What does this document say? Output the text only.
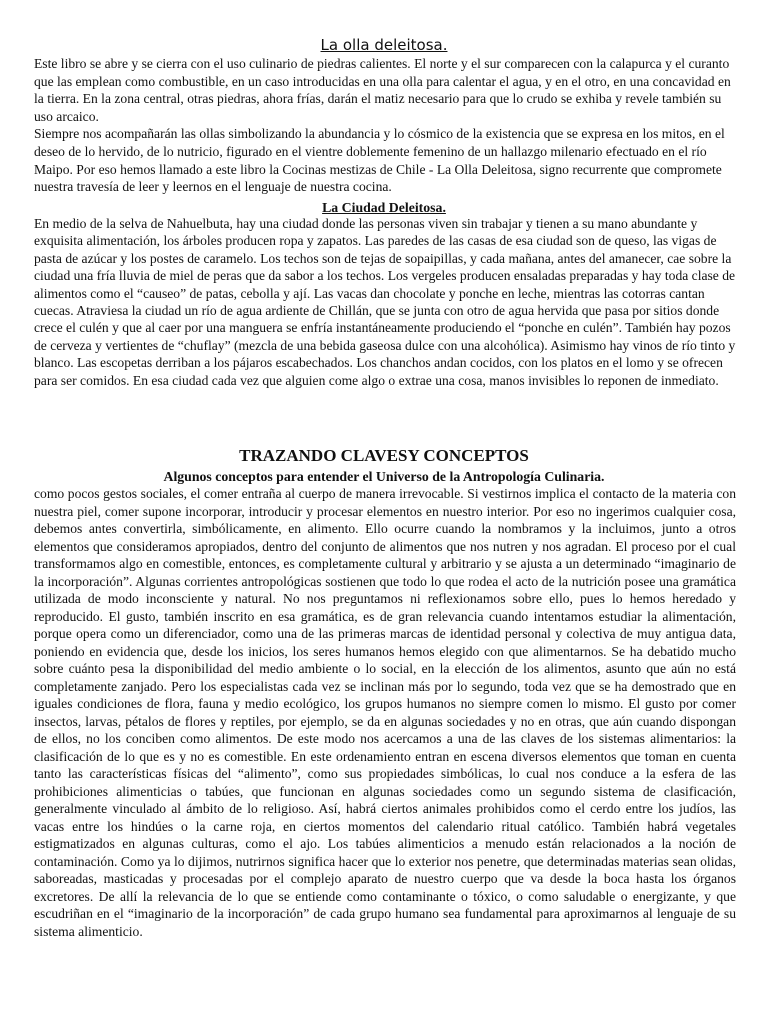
La olla deleitosa.
Este libro se abre y se cierra con el uso culinario de piedras calientes. El norte y el sur comparecen con la calapurca y el curanto que las emplean como combustible, en un caso introducidas en una olla para calentar el agua, y en el otro, en una concavidad en la tierra. En la zona central, otras piedras, ahora frías, darán el matiz necesario para que lo crudo se exhiba y revele también su uso arcaico.
Siempre nos acompañarán las ollas simbolizando la abundancia y lo cósmico de la existencia que se expresa en los mitos, en el deseo de lo hervido, de lo nutricio, figurado en el vientre doblemente femenino de un hallazgo milenario efectuado en el río Maipo. Por eso hemos llamado a este libro la Cocinas mestizas de Chile - La Olla Deleitosa, signo recurrente que compromete nuestra travesía de leer y leernos en el lenguaje de nuestra cocina.
La Ciudad Deleitosa.

En medio de la selva de Nahuelbuta, hay una ciudad donde las personas viven sin trabajar y tienen a su mano abundante y exquisita alimentación, los árboles producen ropa y zapatos. Las paredes de las casas de esa ciudad son de queso, las vigas de pasta de azúcar y los postes de caramelo. Los techos son de tejas de sopaipillas, y cada mañana, antes del amanecer, cae sobre la ciudad una fría lluvia de miel de peras que da sabor a los techos. Los vergeles producen ensaladas preparadas y hay toda clase de alimentos como el “causeo” de patas, cebolla y ají. Las vacas dan chocolate y ponche en leche, mientras las cotorras cantan cuecas. Atraviesa la ciudad un río de agua ardiente de Chillán, que se junta con otro de agua hervida que pasa por sitios donde crece el culén y que al caer por una manguera se enfría instantáneamente produciendo el “ponche en culén”. También hay pozos de cerveza y vertientes de “chuflay” (mezcla de una bebida gaseosa dulce con una alcohólica). Asimismo hay vinos de río tinto y blanco. Las escopetas derriban a los pájaros escabechados. Los chanchos andan cocidos, con los platos en el lomo y se ofrecen para ser comidos. En esa ciudad cada vez que alguien come algo o extrae una cosa, manos invisibles lo reponen de inmediato.

TRAZANDO CLAVESY CONCEPTOS
Algunos conceptos para entender el Universo de la Antropología Culinaria.

como pocos gestos sociales, el comer entraña al cuerpo de manera irrevocable. Si vestirnos implica el contacto de la materia con nuestra piel, comer supone incorporar, introducir y procesar elementos en nuestro interior. Por eso no ingerimos cualquier cosa, debemos antes convertirla, simbólicamente, en alimento. Ello ocurre cuando la nombramos y la incluimos, junto a otros elementos que consideramos apropiados, dentro del conjunto de alimentos que nos nutren y nos agradan. El proceso por el cual transformamos algo en comestible, entonces, es completamente cultural y arbitrario y se ajusta a un determinado “imaginario de la incorporación”. Algunas corrientes antropológicas sostienen que todo lo que rodea el acto de la nutrición posee una gramática utilizada de modo inconsciente y natural. No nos preguntamos ni reflexionamos sobre ello, pues lo hemos heredado y reproducido. El gusto, también inscrito en esa gramática, es de gran relevancia cuando intentamos estudiar la alimentación, porque opera como un diferenciador, como una de las primeras marcas de identidad personal y colectiva de muy antigua data, poniendo en evidencia que, desde los inicios, los seres humanos hemos elegido con que alimentarnos. Se ha debatido mucho sobre cuánto pesa la disponibilidad del medio ambiente o lo social, en la elección de los alimentos, asunto que aún no está completamente zanjado. Pero los especialistas cada vez se inclinan más por lo segundo, toda vez que se ha demostrado que en iguales condiciones de flora, fauna y medio ecológico, los grupos humanos no siempre comen lo mismo. El gusto por comer insectos, larvas, pétalos de flores y reptiles, por ejemplo, se da en algunas sociedades y no en otras, que aún cuando dispongan de ellos, no los conciben como alimentos. De este modo nos acercamos a una de las claves de los sistemas alimentarios: la clasificación de lo que es y no es comestible. En este ordenamiento entran en escena diversos elementos que toman en cuenta tanto las características físicas del “alimento”, como sus propiedades simbólicas, lo cual nos conduce a la esfera de las prohibiciones alimenticias o tabúes, que funcionan en algunas sociedades como un segundo sistema de clasificación, generalmente vinculado al ámbito de lo religioso. Así, habrá ciertos animales prohibidos como el cerdo entre los judíos, las vacas entre los hindúes o la carne roja, en ciertos momentos del calendario ritual católico. También habrá vegetales estigmatizados en algunas culturas, como el ajo. Los tabúes alimenticios a menudo están relacionados a la noción de contaminación. Como ya lo dijimos, nutrirnos significa hacer que lo exterior nos penetre, que determinadas materias sean olidas, saboreadas, masticadas y procesadas por el complejo aparato de nuestro cuerpo que va desde la boca hasta los órganos excretores. De allí la relevancia de lo que se entiende como contaminante o tóxico, o como saludable o energizante, y que escudriñan en el “imaginario de la incorporación” de cada grupo humano sea fundamental para aproximarnos al lenguaje de su sistema alimenticio.
